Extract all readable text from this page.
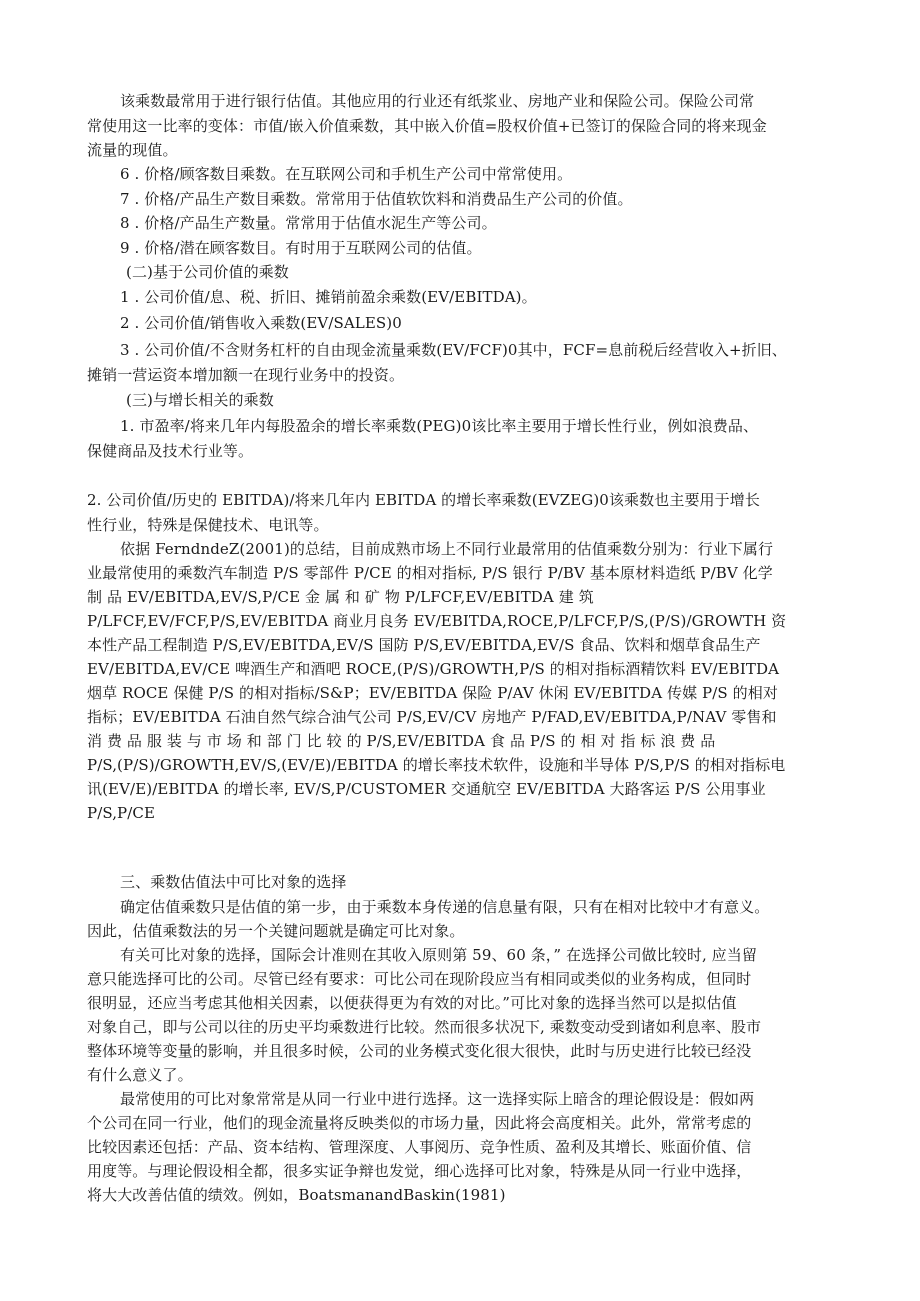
该乘数最常用于进行银行估值。其他应用的行业还有纸浆业、房地产业和保险公司。保险公司常
常使用这一比率的变体：市值/嵌入价值乘数，其中嵌入价值=股权价值+已签订的保险合同的将来现金
流量的现值。
6 . 价格/顾客数目乘数。在互联网公司和手机生产公司中常常使用。
7 . 价格/产品生产数目乘数。常常用于估值软饮料和消费品生产公司的价值。
8 . 价格/产品生产数量。常常用于估值水泥生产等公司。
9 . 价格/潜在顾客数目。有时用于互联网公司的估值。
(二)基于公司价值的乘数
1 . 公司价值/息、税、折旧、摊销前盈余乘数(EV/EBITDA)。
2 . 公司价值/销售收入乘数(EV/SALES)0
3 . 公司价值/不含财务杠杆的自由现金流量乘数(EV/FCF)0其中，FCF=息前税后经营收入+折旧、
摊销一营运资本增加额一在现行业务中的投资。
(三)与增长相关的乘数
1. 市盈率/将来几年内每股盈余的增长率乘数(PEG)0该比率主要用于增长性行业，例如浪费品、
保健商品及技术行业等。
2. 公司价值/历史的 EBITDA)/将来几年内 EBITDA 的增长率乘数(EVZEG)0该乘数也主要用于增长
性行业，特殊是保健技术、电讯等。
依据 FerndndeZ(2001)的总结，目前成熟市场上不同行业最常用的估值乘数分别为：行业下属行
业最常使用的乘数汽车制造 P/S 零部件 P/CE 的相对指标, P/S 银行 P/BV 基本原材料造纸 P/BV 化学
制 品 EV/EBITDA,EV/S,P/CE 金 属 和 矿 物 P/LFCF,EV/EBITDA 建 筑
P/LFCF,EV/FCF,P/S,EV/EBITDA 商业月良务 EV/EBITDA,ROCE,P/LFCF,P/S,(P/S)/GROWTH 资
本性产品工程制造 P/S,EV/EBITDA,EV/S 国防 P/S,EV/EBITDA,EV/S 食品、饮料和烟草食品生产
EV/EBITDA,EV/CE 啤酒生产和酒吧 ROCE,(P/S)/GROWTH,P/S 的相对指标酒精饮料 EV/EBITDA
烟草 ROCE 保健 P/S 的相对指标/S&P；EV/EBITDA 保险 P/AV 休闲 EV/EBITDA 传媒 P/S 的相对
指标；EV/EBITDA 石油自然气综合油气公司 P/S,EV/CV 房地产 P/FAD,EV/EBITDA,P/NAV 零售和
消 费 品 服 装 与 市 场 和 部 门 比 较 的 P/S,EV/EBITDA 食 品 P/S 的 相 对 指 标 浪 费 品
P/S,(P/S)/GROWTH,EV/S,(EV/E)/EBITDA 的增长率技术软件，设施和半导体 P/S,P/S 的相对指标电
讯(EV/E)/EBITDA 的增长率, EV/S,P/CUSTOMER 交通航空 EV/EBITDA 大路客运 P/S 公用事业
P/S,P/CE
三、乘数估值法中可比对象的选择
确定估值乘数只是估值的第一步，由于乘数本身传递的信息量有限，只有在相对比较中才有意义。
因此，估值乘数法的另一个关键问题就是确定可比对象。
有关可比对象的选择，国际会计准则在其收入原则第 59、60 条，” 在选择公司做比较时, 应当留
意只能选择可比的公司。尽管已经有要求：可比公司在现阶段应当有相同或类似的业务构成，但同时
很明显，还应当考虑其他相关因素，以便获得更为有效的对比。”可比对象的选择当然可以是拟估值
对象自己，即与公司以往的历史平均乘数进行比较。然而很多状况下, 乘数变动受到诸如利息率、股市
整体环境等变量的影响，并且很多时候，公司的业务模式变化很大很快，此时与历史进行比较已经没
有什么意义了。
最常使用的可比对象常常是从同一行业中进行选择。这一选择实际上暗含的理论假设是：假如两
个公司在同一行业，他们的现金流量将反映类似的市场力量，因此将会高度相关。此外，常常考虑的
比较因素还包括：产品、资本结构、管理深度、人事阅历、竞争性质、盈利及其增长、账面价值、信
用度等。与理论假设相全都，很多实证争辩也发觉，细心选择可比对象，特殊是从同一行业中选择，
将大大改善估值的绩效。例如，BoatsmanandBaskin(1981)
